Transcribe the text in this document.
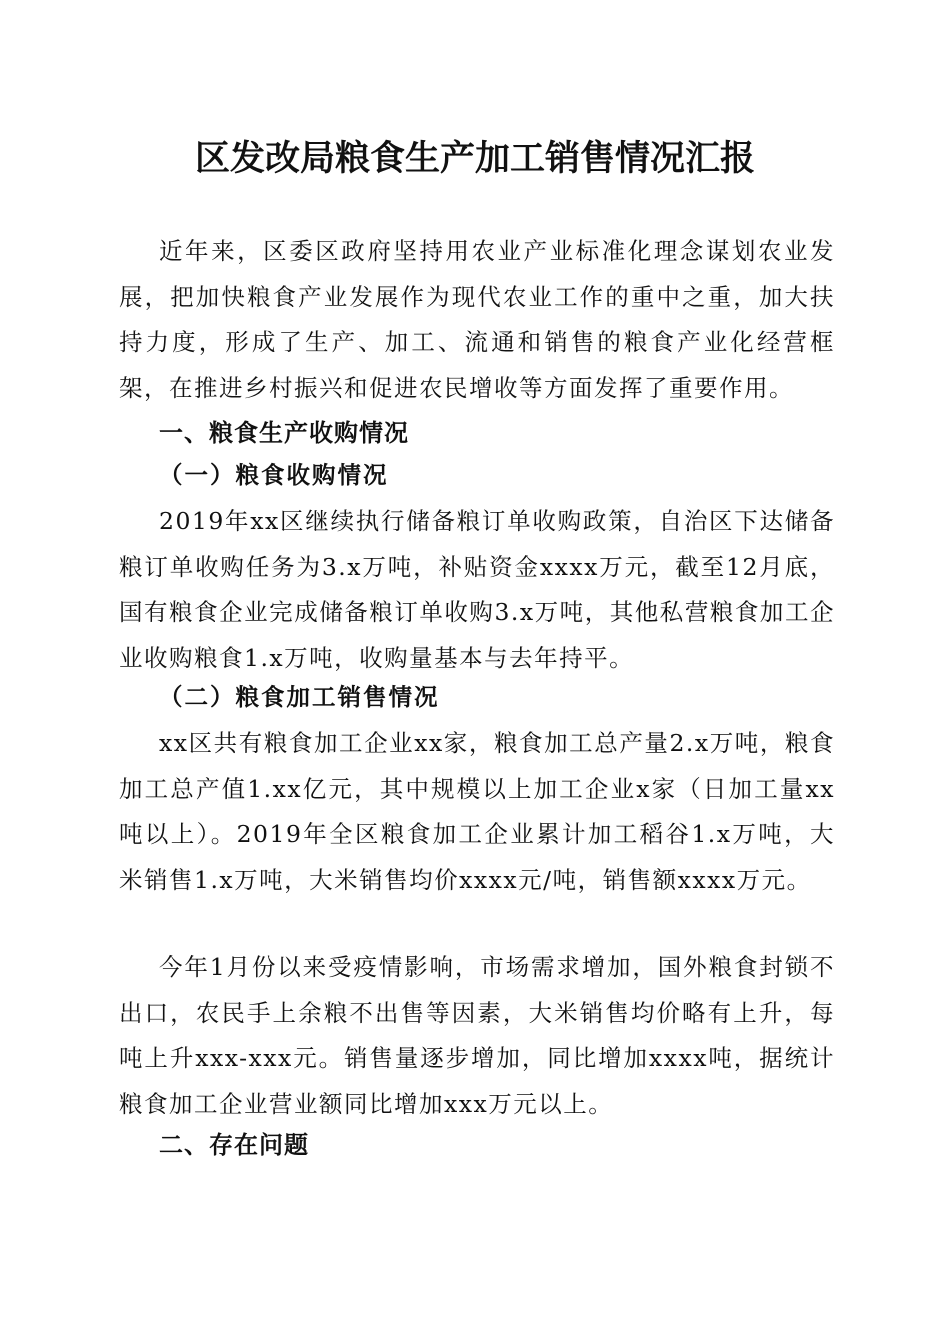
区发改局粮食生产加工销售情况汇报

近年来，区委区政府坚持用农业产业标准化理念谋划农业发展，把加快粮食产业发展作为现代农业工作的重中之重，加大扶持力度，形成了生产、加工、流通和销售的粮食产业化经营框架，在推进乡村振兴和促进农民增收等方面发挥了重要作用。

一、粮食生产收购情况
（一）粮食收购情况

2019年xx区继续执行储备粮订单收购政策，自治区下达储备粮订单收购任务为3.x万吨，补贴资金xxxx万元，截至12月底，国有粮食企业完成储备粮订单收购3.x万吨，其他私营粮食加工企业收购粮食1.x万吨，收购量基本与去年持平。

（二）粮食加工销售情况

xx区共有粮食加工企业xx家，粮食加工总产量2.x万吨，粮食加工总产值1.xx亿元，其中规模以上加工企业x家（日加工量xx吨以上）。2019年全区粮食加工企业累计加工稻谷1.x万吨，大米销售1.x万吨，大米销售均价xxxx元/吨，销售额xxxx万元。

今年1月份以来受疫情影响，市场需求增加，国外粮食封锁不出口，农民手上余粮不出售等因素，大米销售均价略有上升，每吨上升xxx-xxx元。销售量逐步增加，同比增加xxxx吨，据统计粮食加工企业营业额同比增加xxx万元以上。

二、存在问题
